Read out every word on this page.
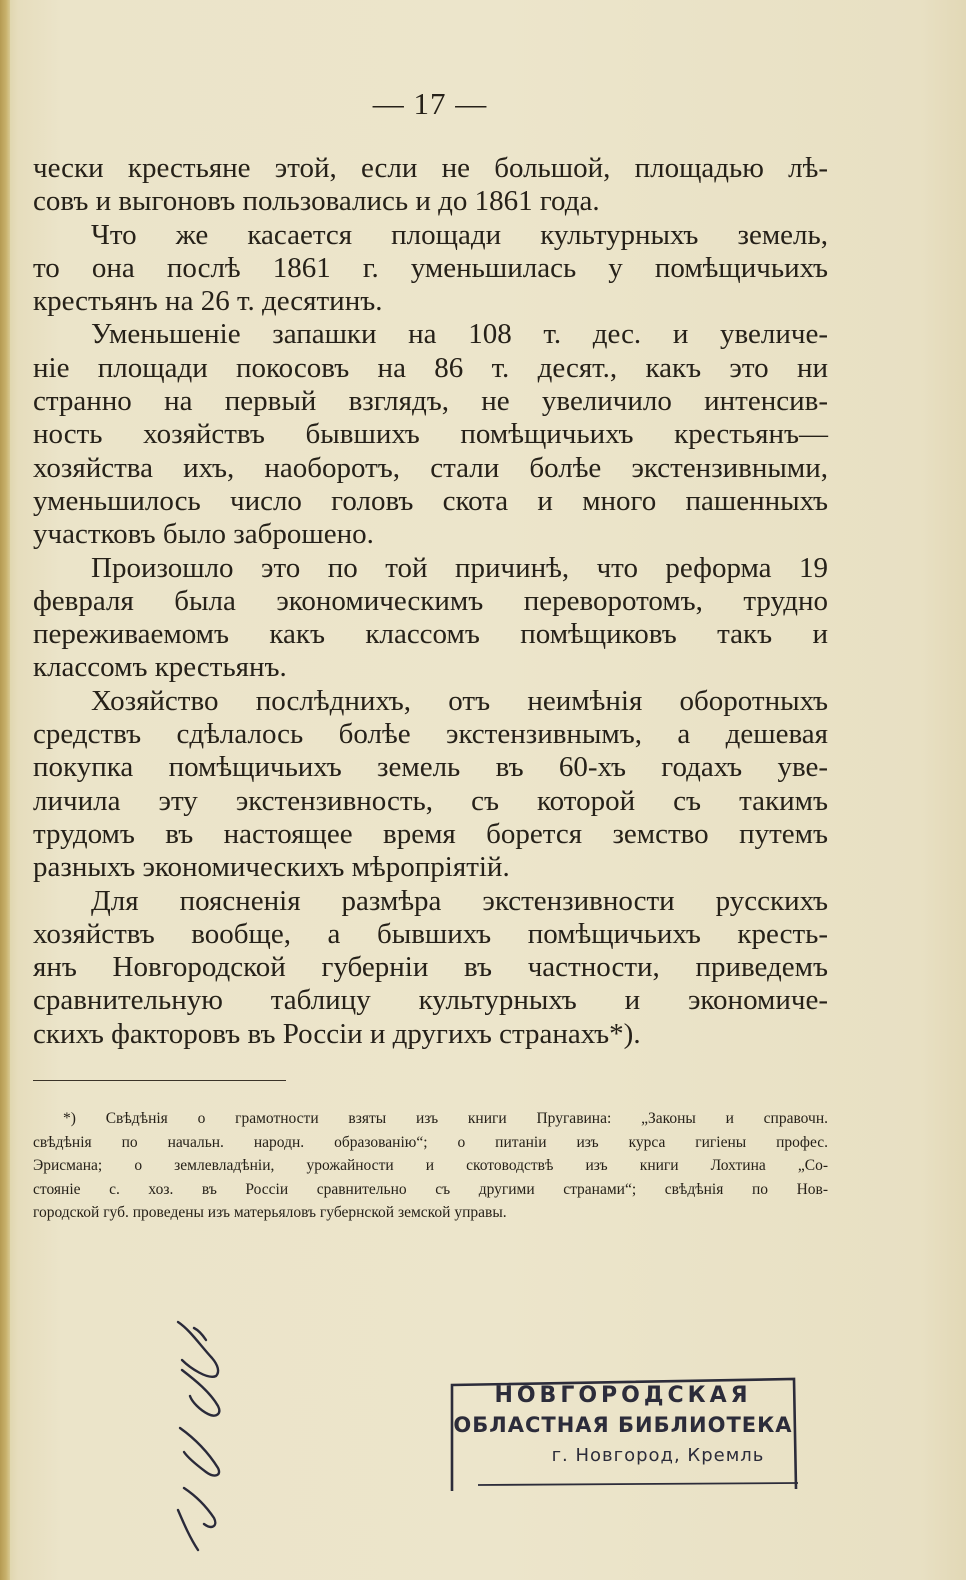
— 17 —
чески крестьяне этой, если не большой, площадью лѣ-
совъ и выгоновъ пользовались и до 1861 года.
Что же касается площади культурныхъ земель,
то она послѣ 1861 г. уменьшилась у помѣщичьихъ
крестьянъ на 26 т. десятинъ.
Уменьшеніе запашки на 108 т. дес. и увеличе-
ніе площади покосовъ на 86 т. десят., какъ это ни
странно на первый взглядъ, не увеличило интенсив-
ность хозяйствъ бывшихъ помѣщичьихъ крестьянъ—
хозяйства ихъ, наоборотъ, стали болѣе экстензивными,
уменьшилось число головъ скота и много пашенныхъ
участковъ было заброшено.
Произошло это по той причинѣ, что реформа 19
февраля была экономическимъ переворотомъ, трудно
переживаемомъ какъ классомъ помѣщиковъ такъ и
классомъ крестьянъ.
Хозяйство послѣднихъ, отъ неимѣнія оборотныхъ
средствъ сдѣлалось болѣе экстензивнымъ, а дешевая
покупка помѣщичьихъ земель въ 60-хъ годахъ уве-
личила эту экстензивность, съ которой съ такимъ
трудомъ въ настоящее время борется земство путемъ
разныхъ экономическихъ мѣропріятій.
Для поясненія размѣра экстензивности русскихъ
хозяйствъ вообще, а бывшихъ помѣщичьихъ кресть-
янъ Новгородской губерніи въ частности, приведемъ
сравнительную таблицу культурныхъ и экономиче-
скихъ факторовъ въ Россіи и другихъ странахъ*).
*) Свѣдѣнія о грамотности взяты изъ книги Пругавина: „Законы и справочн.
свѣдѣнія по начальн. народн. образованію“; о питаніи изъ курса гигіены профес.
Эрисмана; о землевладѣніи, урожайности и скотоводствѣ изъ книги Лохтина „Со-
стояніе с. хоз. въ Россіи сравнительно съ другими странами“; свѣдѣнія по Нов-
городской губ. проведены изъ матерьяловъ губернской земской управы.
НОВГОРОДСКАЯ
ОБЛАСТНАЯ БИБЛИОТЕКА
г. Новгород, Кремль
